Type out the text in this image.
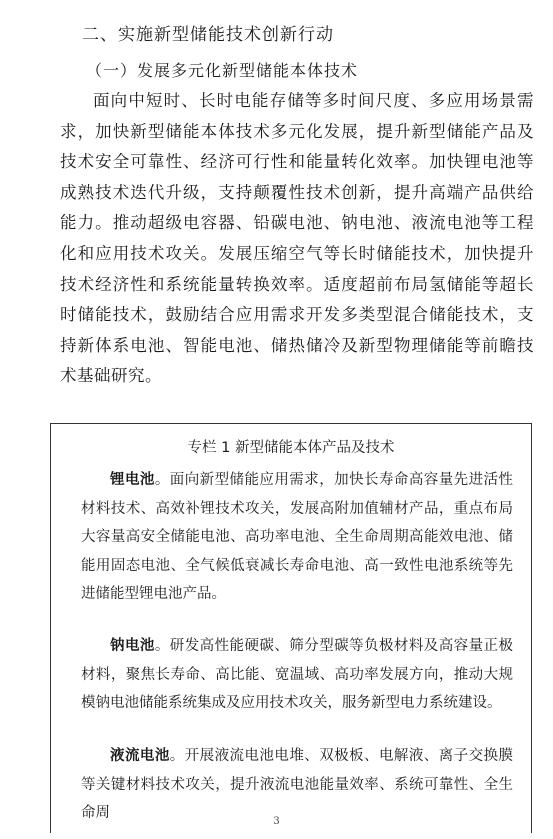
二、实施新型储能技术创新行动
（一）发展多元化新型储能本体技术

面向中短时、长时电能存储等多时间尺度、多应用场景需求，加快新型储能本体技术多元化发展，提升新型储能产品及技术安全可靠性、经济可行性和能量转化效率。加快锂电池等成熟技术迭代升级，支持颠覆性技术创新，提升高端产品供给能力。推动超级电容器、铅碳电池、钠电池、液流电池等工程化和应用技术攻关。发展压缩空气等长时储能技术，加快提升技术经济性和系统能量转换效率。适度超前布局氢储能等超长时储能技术，鼓励结合应用需求开发多类型混合储能技术，支持新体系电池、智能电池、储热储冷及新型物理储能等前瞻技术基础研究。

专栏 1 新型储能本体产品及技术

锂电池。面向新型储能应用需求，加快长寿命高容量先进活性材料技术、高效补锂技术攻关，发展高附加值辅材产品，重点布局大容量高安全储能电池、高功率电池、全生命周期高能效电池、储能用固态电池、全气候低衰减长寿命电池、高一致性电池系统等先进储能型锂电池产品。

钠电池。研发高性能硬碳、筛分型碳等负极材料及高容量正极材料，聚焦长寿命、高比能、宽温域、高功率发展方向，推动大规模钠电池储能系统集成及应用技术攻关，服务新型电力系统建设。

液流电池。开展液流电池电堆、双极板、电解液、离子交换膜等关键材料技术攻关，提升液流电池能量效率、系统可靠性、全生命周

3
